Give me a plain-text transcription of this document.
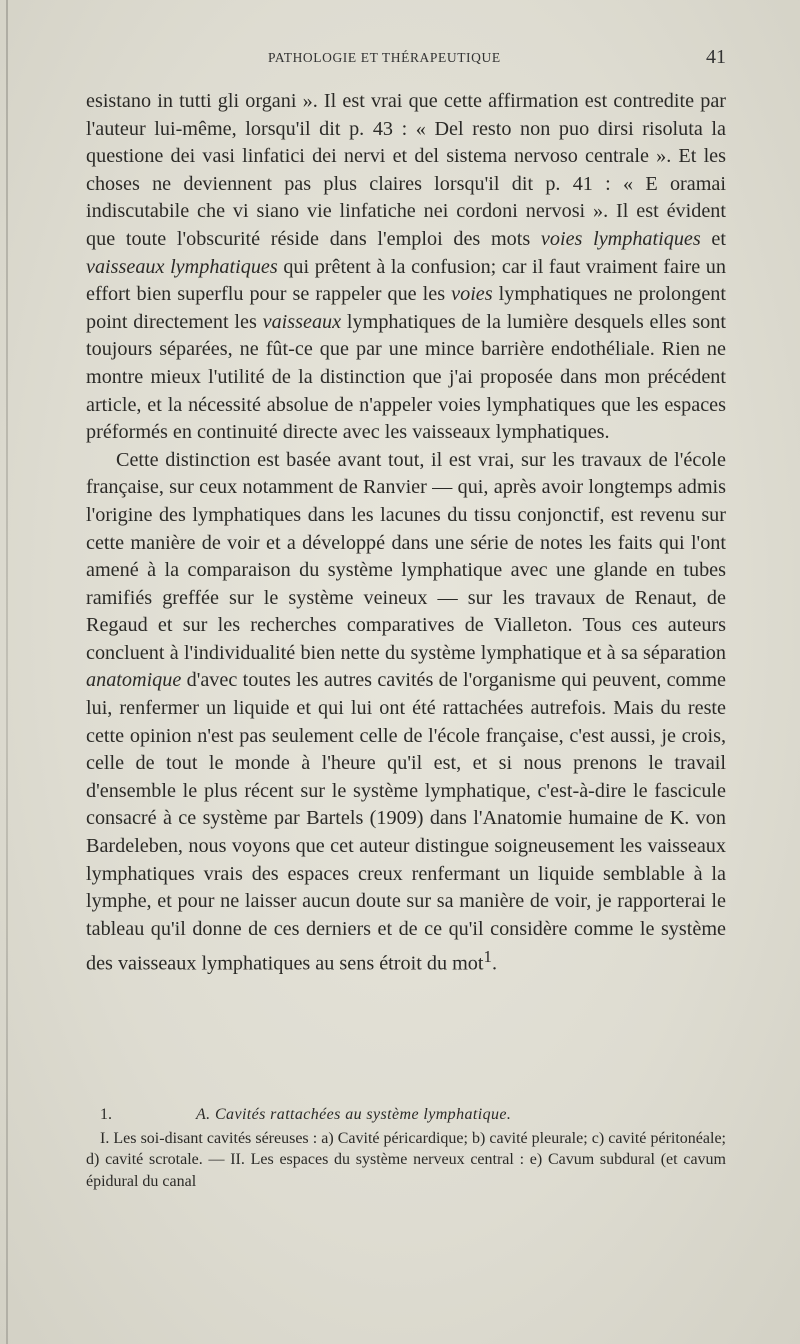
PATHOLOGIE ET THÉRAPEUTIQUE	41

esistano in tutti gli organi ». Il est vrai que cette affirmation est contredite par l'auteur lui-même, lorsqu'il dit p. 43 : « Del resto non puo dirsi risoluta la questione dei vasi linfatici dei nervi et del sistema nervoso centrale ». Et les choses ne deviennent pas plus claires lorsqu'il dit p. 41 : « E oramai indiscutabile che vi siano vie linfatiche nei cordoni nervosi ». Il est évident que toute l'obscurité réside dans l'emploi des mots voies lymphatiques et vaisseaux lymphatiques qui prêtent à la confusion; car il faut vraiment faire un effort bien superflu pour se rappeler que les voies lymphatiques ne prolongent point directement les vaisseaux lymphatiques de la lumière desquels elles sont toujours séparées, ne fût-ce que par une mince barrière endothéliale. Rien ne montre mieux l'utilité de la distinction que j'ai proposée dans mon précédent article, et la nécessité absolue de n'appeler voies lymphatiques que les espaces préformés en continuité directe avec les vaisseaux lymphatiques.

Cette distinction est basée avant tout, il est vrai, sur les travaux de l'école française, sur ceux notamment de Ranvier — qui, après avoir longtemps admis l'origine des lymphatiques dans les lacunes du tissu conjonctif, est revenu sur cette manière de voir et a développé dans une série de notes les faits qui l'ont amené à la comparaison du système lymphatique avec une glande en tubes ramifiés greffée sur le système veineux — sur les travaux de Renaut, de Regaud et sur les recherches comparatives de Vialleton. Tous ces auteurs concluent à l'individualité bien nette du système lymphatique et à sa séparation anatomique d'avec toutes les autres cavités de l'organisme qui peuvent, comme lui, renfermer un liquide et qui lui ont été rattachées autrefois. Mais du reste cette opinion n'est pas seulement celle de l'école française, c'est aussi, je crois, celle de tout le monde à l'heure qu'il est, et si nous prenons le travail d'ensemble le plus récent sur le système lymphatique, c'est-à-dire le fascicule consacré à ce système par Bartels (1909) dans l'Anatomie humaine de K. von Bardeleben, nous voyons que cet auteur distingue soigneusement les vaisseaux lymphatiques vrais des espaces creux renfermant un liquide semblable à la lymphe, et pour ne laisser aucun doute sur sa manière de voir, je rapporterai le tableau qu'il donne de ces derniers et de ce qu'il considère comme le système des vaisseaux lymphatiques au sens étroit du mot$^1$.

1.	A. Cavités rattachées au système lymphatique.

I. Les soi-disant cavités séreuses : a) Cavité péricardique; b) cavité pleurale; c) cavité péritonéale; d) cavité scrotale. — II. Les espaces du système nerveux central : e) Cavum subdural (et cavum épidural du canal
